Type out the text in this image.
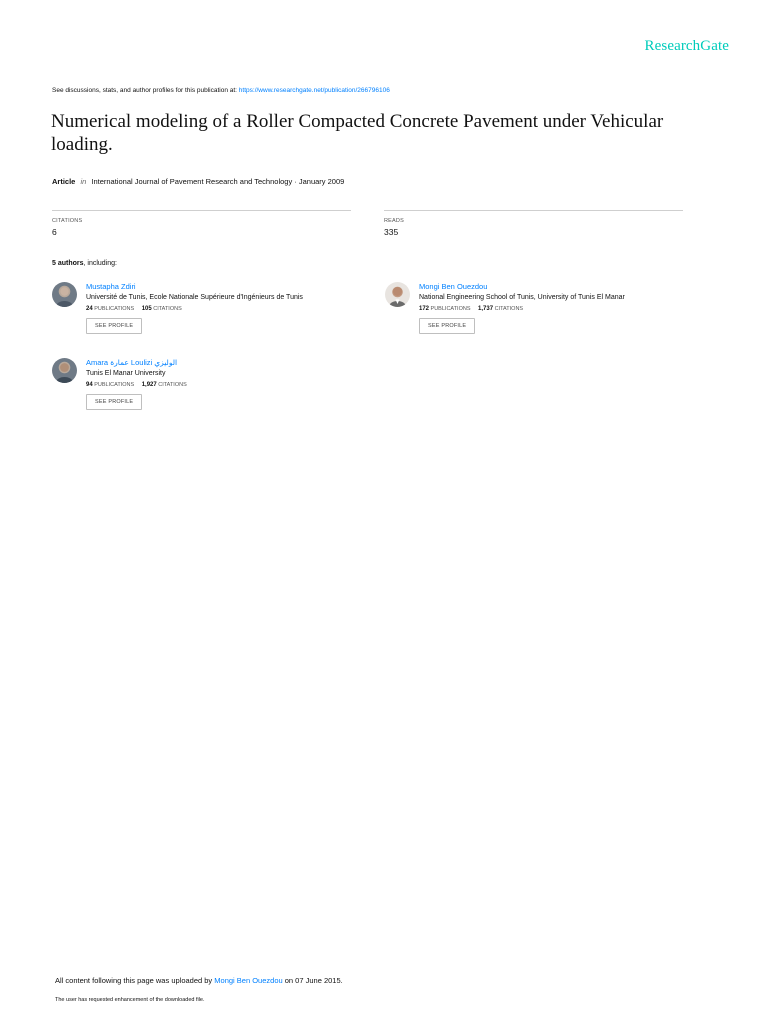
ResearchGate
See discussions, stats, and author profiles for this publication at: https://www.researchgate.net/publication/266796106
Numerical modeling of a Roller Compacted Concrete Pavement under Vehicular loading.
Article in International Journal of Pavement Research and Technology · January 2009
CITATIONS
6
READS
335
5 authors, including:
Mustapha Zdiri
Université de Tunis, Ecole Nationale Supérieure d'Ingénieurs de Tunis
24 PUBLICATIONS 105 CITATIONS
SEE PROFILE
Mongi Ben Ouezdou
National Engineering School of Tunis, University of Tunis El Manar
172 PUBLICATIONS 1,737 CITATIONS
SEE PROFILE
Amara عمارة Loulizi الوليزي
Tunis El Manar University
94 PUBLICATIONS 1,927 CITATIONS
SEE PROFILE
All content following this page was uploaded by Mongi Ben Ouezdou on 07 June 2015.
The user has requested enhancement of the downloaded file.
